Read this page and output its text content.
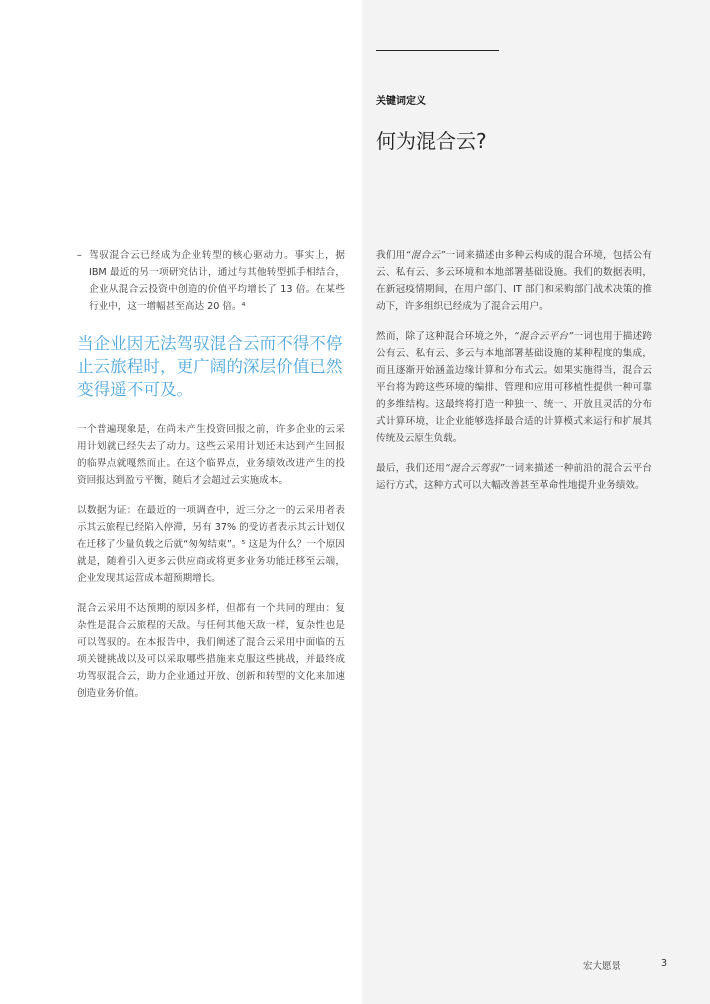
关键词定义
何为混合云?

我们用“混合云”一词来描述由多种云构成的混合环境，包括公有云、私有云、多云环境和本地部署基础设施。我们的数据表明，在新冠疫情期间，在用户部门、IT 部门和采购部门战术决策的推动下，许多组织已经成为了混合云用户。

然而，除了这种混合环境之外，“混合云平台”一词也用于描述跨公有云、私有云、多云与本地部署基础设施的某种程度的集成，而且逐渐开始涵盖边缘计算和分布式云。如果实施得当，混合云平台将为跨这些环境的编排、管理和应用可移植性提供一种可靠的多维结构。这最终将打造一种独一、统一、开放且灵活的分布式计算环境，让企业能够选择最合适的计算模式来运行和扩展其传统及云原生负载。

最后，我们还用“混合云驾驭”一词来描述一种前沿的混合云平台运行方式，这种方式可以大幅改善甚至革命性地提升业务绩效。

– 驾驭混合云已经成为企业转型的核心驱动力。事实上，据 IBM 最近的另一项研究估计，通过与其他转型抓手相结合，企业从混合云投资中创造的价值平均增长了 13 倍。在某些行业中，这一增幅甚至高达 20 倍。⁴

当企业因无法驾驭混合云而不得不停止云旅程时，更广阔的深层价值已然变得遥不可及。

一个普遍现象是，在尚未产生投资回报之前，许多企业的云采用计划就已经失去了动力。这些云采用计划还未达到产生回报的临界点就嘎然而止。在这个临界点，业务绩效改进产生的投资回报达到盈亏平衡，随后才会超过云实施成本。

以数据为证：在最近的一项调查中，近三分之一的云采用者表示其云旅程已经陷入停滞，另有 37% 的受访者表示其云计划仅在迁移了少量负载之后就“匆匆结束”。⁵ 这是为什么？一个原因就是，随着引入更多云供应商或将更多业务功能迁移至云端，企业发现其运营成本超预期增长。

混合云采用不达预期的原因多样，但都有一个共同的理由：复杂性是混合云旅程的天敌。与任何其他天敌一样，复杂性也是可以驾驭的。在本报告中，我们阐述了混合云采用中面临的五项关键挑战以及可以采取哪些措施来克服这些挑战，并最终成功驾驭混合云，助力企业通过开放、创新和转型的文化来加速创造业务价值。

宏大愿景	3
